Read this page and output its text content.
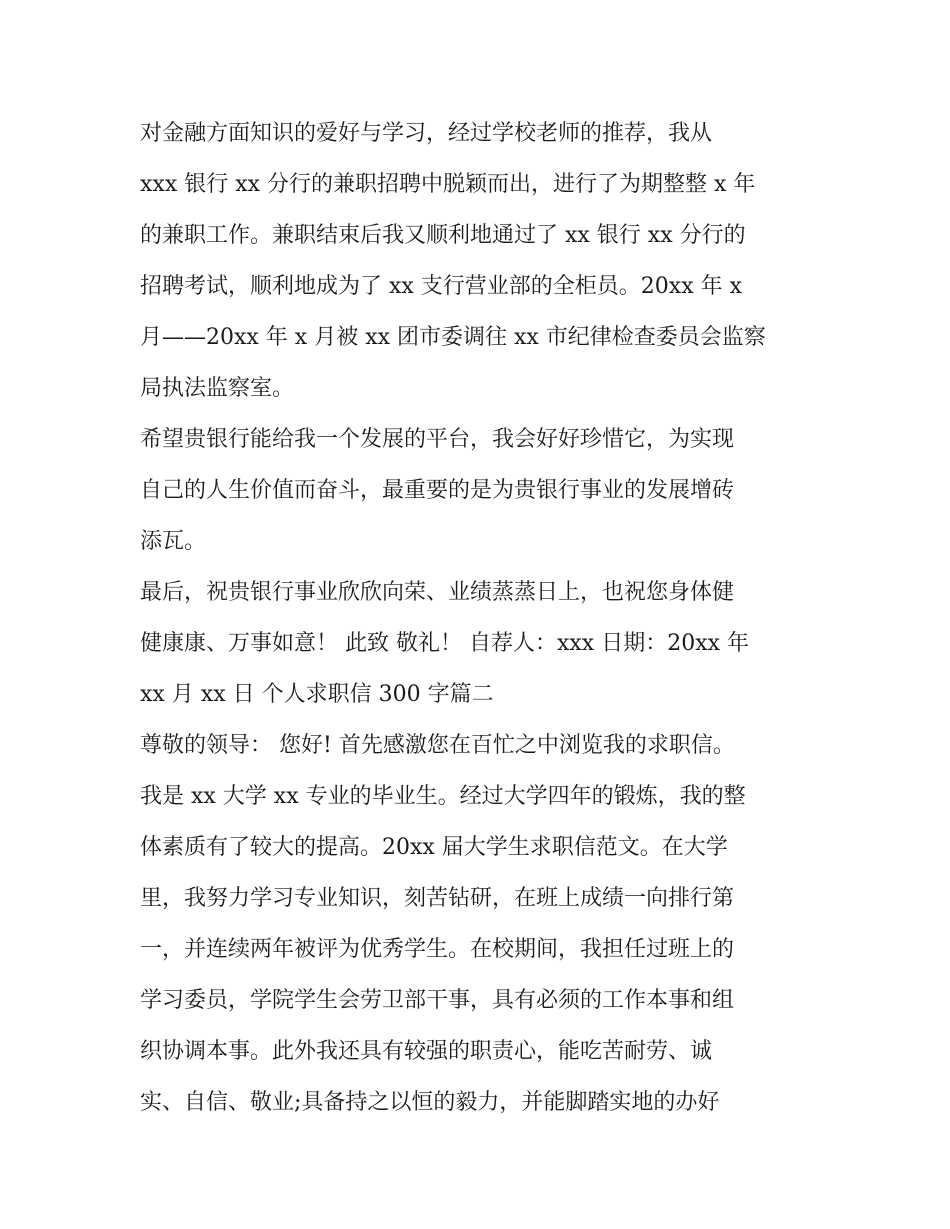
对金融方面知识的爱好与学习，经过学校老师的推荐，我从
xxx 银行 xx 分行的兼职招聘中脱颖而出，进行了为期整整 x 年
的兼职工作。兼职结束后我又顺利地通过了 xx 银行 xx 分行的
招聘考试，顺利地成为了 xx 支行营业部的全柜员。20xx 年 x
月——20xx 年 x 月被 xx 团市委调往 xx 市纪律检查委员会监察
局执法监察室。
希望贵银行能给我一个发展的平台，我会好好珍惜它，为实现
自己的人生价值而奋斗，最重要的是为贵银行事业的发展增砖
添瓦。
最后，祝贵银行事业欣欣向荣、业绩蒸蒸日上，也祝您身体健
健康康、万事如意！ 此致 敬礼！ 自荐人：xxx 日期：20xx 年
xx 月 xx 日 个人求职信 300 字篇二
尊敬的领导： 您好! 首先感激您在百忙之中浏览我的求职信。
我是 xx 大学 xx 专业的毕业生。经过大学四年的锻炼，我的整
体素质有了较大的提高。20xx 届大学生求职信范文。在大学
里，我努力学习专业知识，刻苦钻研，在班上成绩一向排行第
一，并连续两年被评为优秀学生。在校期间，我担任过班上的
学习委员，学院学生会劳卫部干事，具有必须的工作本事和组
织协调本事。此外我还具有较强的职责心，能吃苦耐劳、诚
实、自信、敬业;具备持之以恒的毅力，并能脚踏实地的办好
